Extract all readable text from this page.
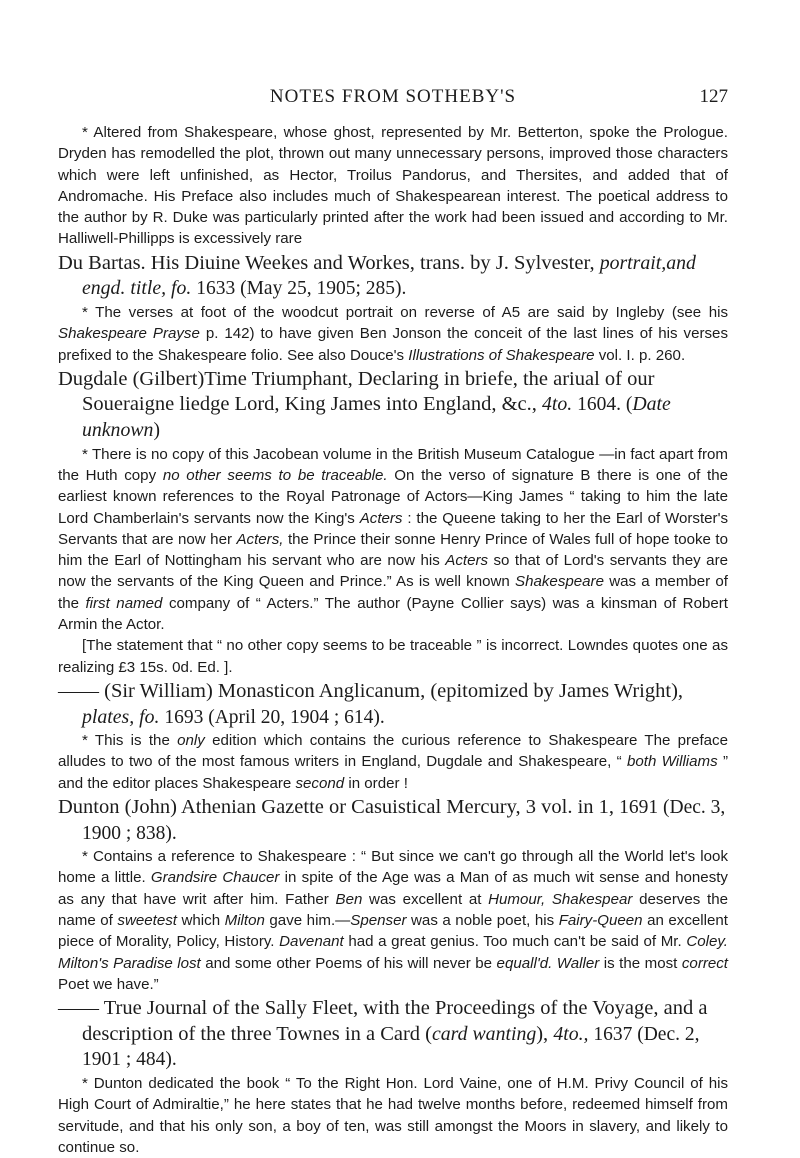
NOTES FROM SOTHEBY'S	127

* Altered from Shakespeare, whose ghost, represented by Mr. Betterton, spoke the Prologue. Dryden has remodelled the plot, thrown out many unnecessary persons, improved those characters which were left unfinished, as Hector, Troilus Pandorus, and Thersites, and added that of Andromache. His Preface also includes much of Shakespearean interest. The poetical address to the author by R. Duke was particularly printed after the work had been issued and according to Mr. Halliwell-Phillipps is excessively rare

Du Bartas. His Diuine Weekes and Workes, trans. by J. Sylvester, portrait,and engd. title, fo. 1633 (May 25, 1905; 285).

* The verses at foot of the woodcut portrait on reverse of A5 are said by Ingleby (see his Shakespeare Prayse p. 142) to have given Ben Jonson the conceit of the last lines of his verses prefixed to the Shakespeare folio. See also Douce's Illustrations of Shakespeare vol. I. p. 260.

Dugdale (Gilbert)Time Triumphant, Declaring in briefe, the ariual of our Soueraigne liedge Lord, King James into England, &c., 4to. 1604. (Date unknown)

* There is no copy of this Jacobean volume in the British Museum Catalogue —in fact apart from the Huth copy no other seems to be traceable. On the verso of signature B there is one of the earliest known references to the Royal Patronage of Actors—King James “ taking to him the late Lord Chamberlain's servants now the King's Acters : the Queene taking to her the Earl of Worster's Servants that are now her Acters, the Prince their sonne Henry Prince of Wales full of hope tooke to him the Earl of Nottingham his servant who are now his Acters so that of Lord's servants they are now the servants of the King Queen and Prince.” As is well known Shakespeare was a member of the first named company of “ Acters.” The author (Payne Collier says) was a kinsman of Robert Armin the Actor.

[The statement that “ no other copy seems to be traceable ” is incorrect. Lowndes quotes one as realizing £3 15s. 0d. Ed. ].

—— (Sir William) Monasticon Anglicanum, (epitomized by James Wright), plates, fo. 1693 (April 20, 1904 ; 614).

* This is the only edition which contains the curious reference to Shakespeare The preface alludes to two of the most famous writers in England, Dugdale and Shakespeare, “ both Williams ” and the editor places Shakespeare second in order !

Dunton (John) Athenian Gazette or Casuistical Mercury, 3 vol. in 1, 1691 (Dec. 3, 1900 ; 838).

* Contains a reference to Shakespeare : “ But since we can't go through all the World let's look home a little. Grandsire Chaucer in spite of the Age was a Man of as much wit sense and honesty as any that have writ after him. Father Ben was excellent at Humour, Shakespear deserves the name of sweetest which Milton gave him.—Spenser was a noble poet, his Fairy-Queen an excellent piece of Morality, Policy, History. Davenant had a great genius. Too much can't be said of Mr. Coley. Milton's Paradise lost and some other Poems of his will never be equall'd. Waller is the most correct Poet we have.”

—— True Journal of the Sally Fleet, with the Proceedings of the Voyage, and a description of the three Townes in a Card (card wanting), 4to., 1637 (Dec. 2, 1901 ; 484).

* Dunton dedicated the book “ To the Right Hon. Lord Vaine, one of H.M. Privy Council of his High Court of Admiraltie,” he here states that he had twelve months before, redeemed himself from servitude, and that his only son, a boy of ten, was still amongst the Moors in slavery, and likely to continue so.
